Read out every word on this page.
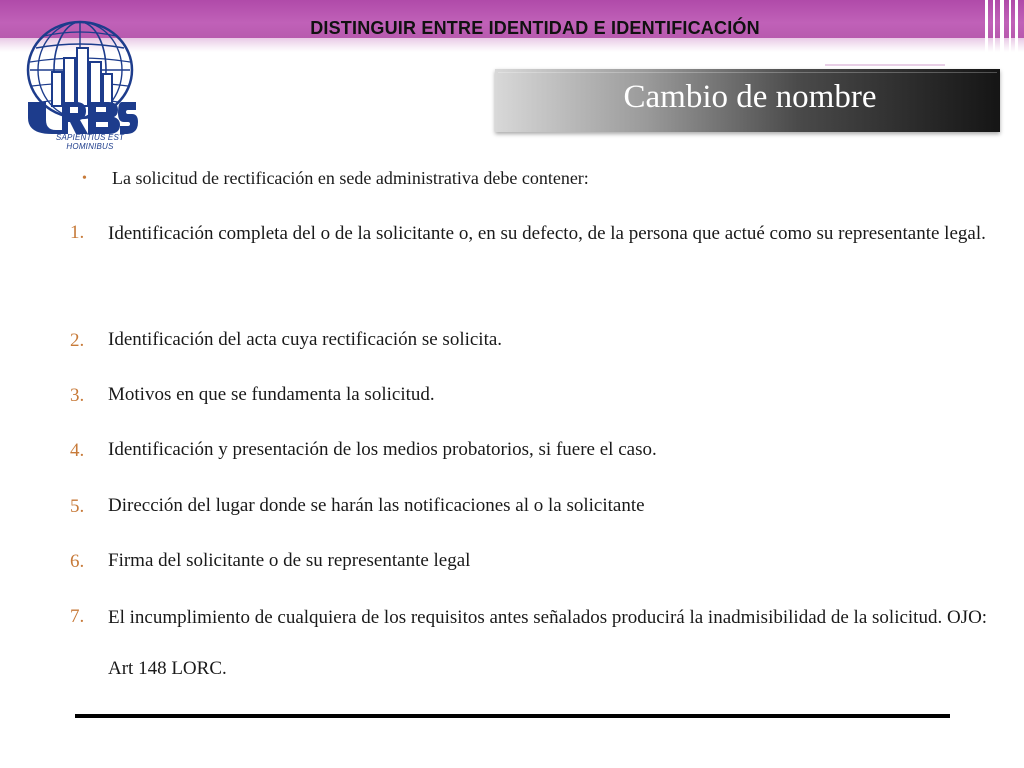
DISTINGUIR ENTRE IDENTIDAD E IDENTIFICACIÓN
SAPIENTIUS EST HOMINIBUS
Cambio de nombre
• La solicitud de rectificación en sede administrativa debe contener:
1.	Identificación completa del o de la solicitante o, en su defecto, de la persona que actué como su representante legal.
2.	Identificación del acta cuya rectificación se solicita.
3.	Motivos en que se fundamenta la solicitud.
4.	Identificación y presentación de los medios probatorios, si fuere el caso.
5.	Dirección del lugar donde se harán las notificaciones al o la solicitante
6.	Firma del solicitante o de su representante legal
7.	El incumplimiento de cualquiera de los requisitos antes señalados producirá la inadmisibilidad de la solicitud. OJO: Art 148 LORC.
